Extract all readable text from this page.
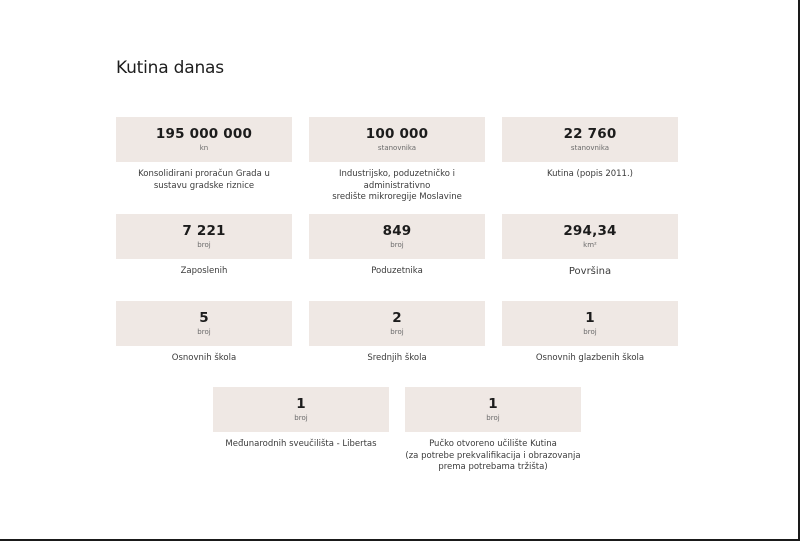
Kutina danas
195 000 000
kn
Konsolidirani proračun Grada u
sustavu gradske riznice
100 000
stanovnika
Industrijsko, poduzetničko i administrativno
središte mikroregije Moslavine
22 760
stanovnika
Kutina (popis 2011.)
7 221
broj
Zaposlenih
849
broj
Poduzetnika
294,34
km²
Površina
5
broj
Osnovnih škola
2
broj
Srednjih škola
1
broj
Osnovnih glazbenih škola
1
broj
Međunarodnih sveučilišta - Libertas
1
broj
Pučko otvoreno učilište Kutina
(za potrebe prekvalifikacija i obrazovanja
prema potrebama tržišta)
